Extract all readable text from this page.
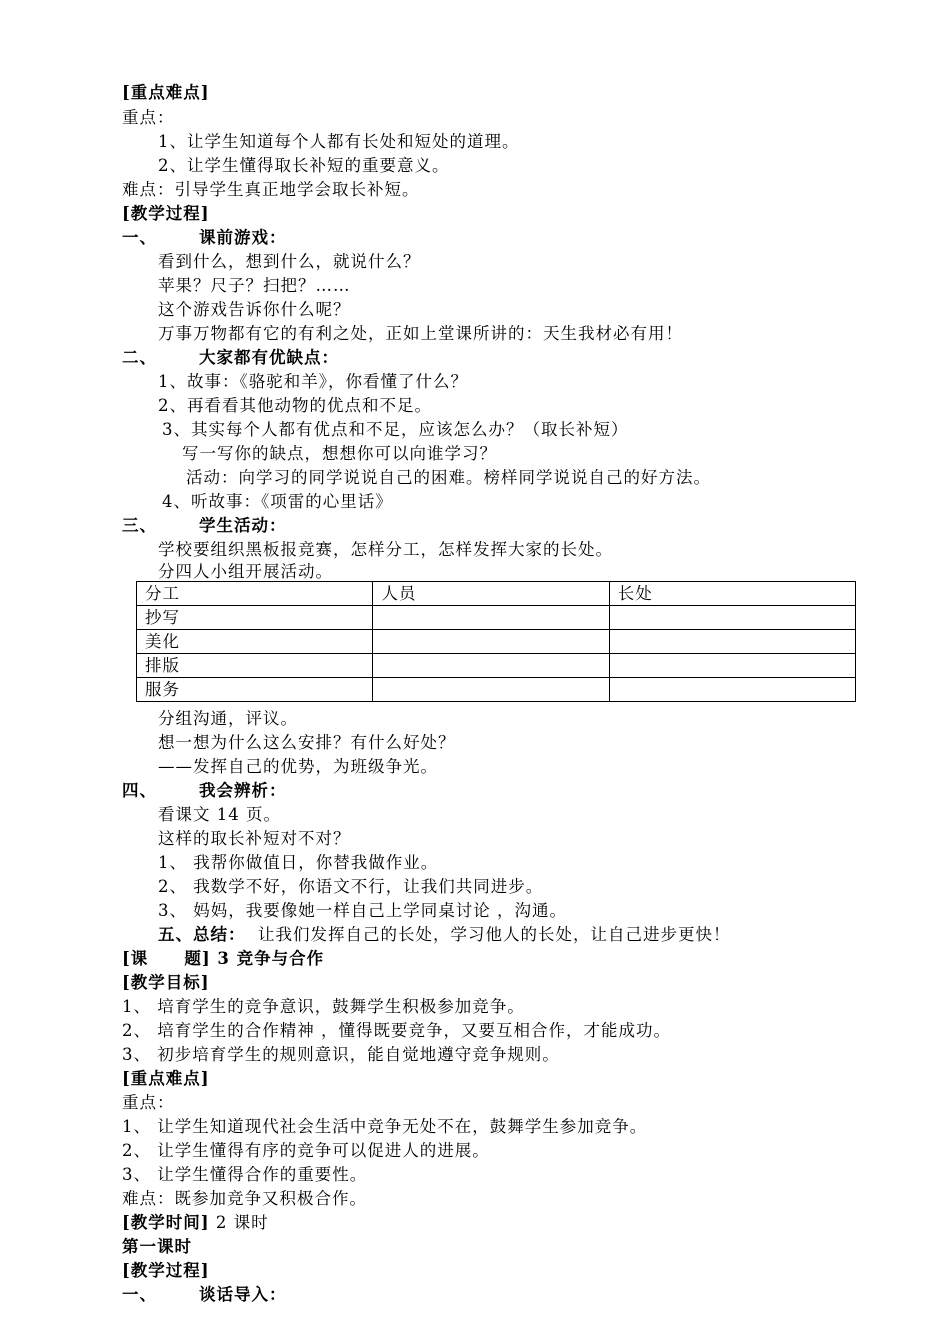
[重点难点]
重点：
1、让学生知道每个人都有长处和短处的道理。
2、让学生懂得取长补短的重要意义。
难点：引导学生真正地学会取长补短。
[教学过程]
一、	课前游戏：
看到什么，想到什么，就说什么？
苹果？尺子？扫把？……
这个游戏告诉你什么呢？
万事万物都有它的有利之处，正如上堂课所讲的：天生我材必有用！
二、	大家都有优缺点：
1、故事：《骆驼和羊》，你看懂了什么？
2、再看看其他动物的优点和不足。
3、其实每个人都有优点和不足，应该怎么办？（取长补短）
写一写你的缺点，想想你可以向谁学习？
活动：向学习的同学说说自己的困难。榜样同学说说自己的好方法。
4、听故事：《项雷的心里话》
三、	学生活动：
学校要组织黑板报竞赛，怎样分工，怎样发挥大家的长处。
分四人小组开展活动。
分工	人员	长处
抄写		
美化		
排版		
服务		
分组沟通，评议。
想一想为什么这么安排？有什么好处？
——发挥自己的优势，为班级争光。
四、	我会辨析：
看课文 14 页。
这样的取长补短对不对？
1、 我帮你做值日，你替我做作业。
2、 我数学不好，你语文不行，让我们共同进步。
3、 妈妈，我要像她一样自己上学同桌讨论 ，沟通。
五、总结： 让我们发挥自己的长处，学习他人的长处，让自己进步更快！
[课 题] 3 竞争与合作
[教学目标]
1、 培育学生的竞争意识，鼓舞学生积极参加竞争。
2、 培育学生的合作精神 ，懂得既要竞争，又要互相合作，才能成功。
3、 初步培育学生的规则意识，能自觉地遵守竞争规则。
[重点难点]
重点：
1、 让学生知道现代社会生活中竞争无处不在，鼓舞学生参加竞争。
2、 让学生懂得有序的竞争可以促进人的进展。
3、 让学生懂得合作的重要性。
难点：既参加竞争又积极合作。
[教学时间] 2 课时
第一课时
[教学过程]
一、	谈话导入：
